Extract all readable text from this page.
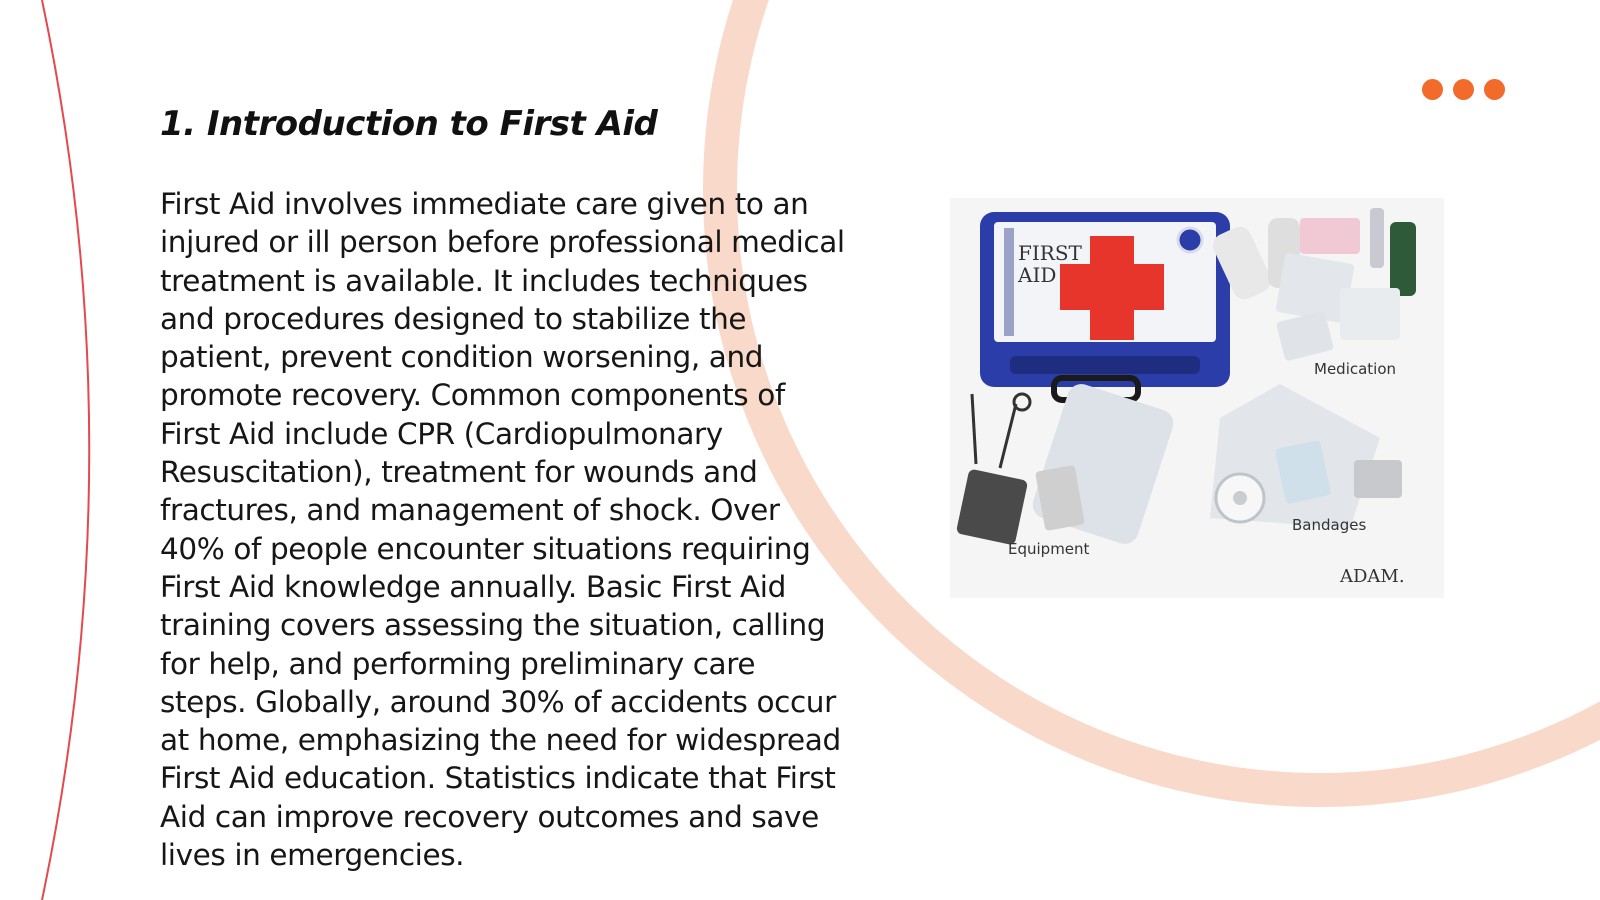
1. Introduction to First Aid

First Aid involves immediate care given to an injured or ill person before professional medical treatment is available. It includes techniques and procedures designed to stabilize the patient, prevent condition worsening, and promote recovery. Common components of First Aid include CPR (Cardiopulmonary Resuscitation), treatment for wounds and fractures, and management of shock. Over 40% of people encounter situations requiring First Aid knowledge annually. Basic First Aid training covers assessing the situation, calling for help, and performing preliminary care steps. Globally, around 30% of accidents occur at home, emphasizing the need for widespread First Aid education. Statistics indicate that First Aid can improve recovery outcomes and save lives in emergencies.

FIRST
AID
Medication
Equipment
Bandages
ADAM.
